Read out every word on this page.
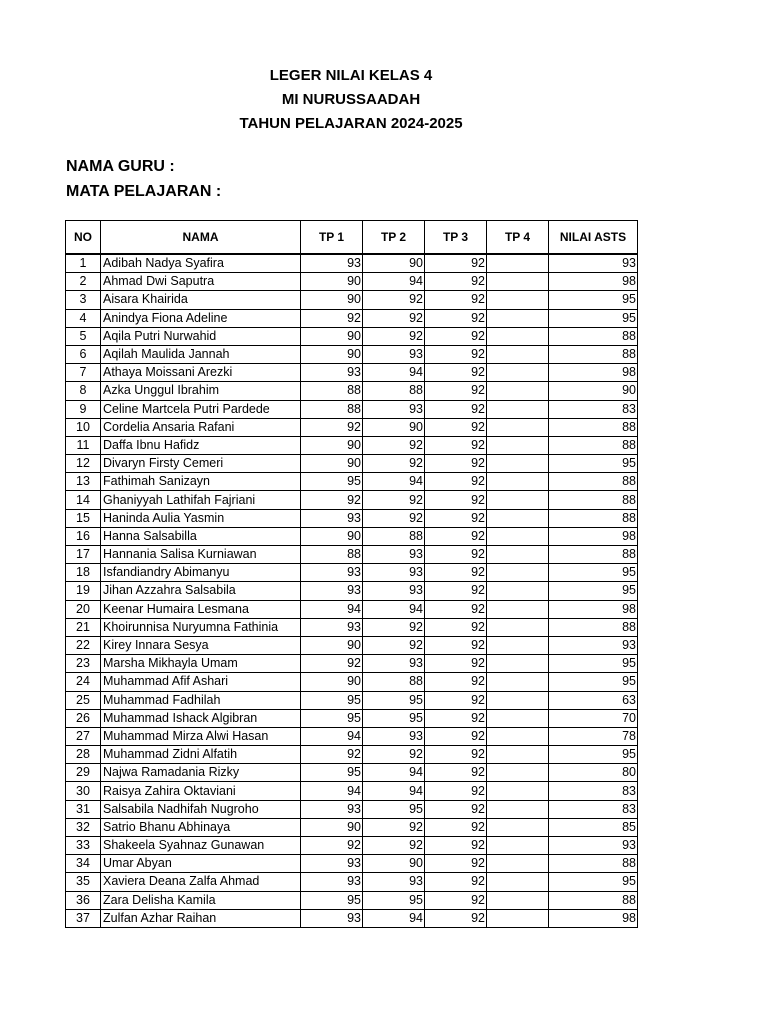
LEGER NILAI KELAS 4
MI NURUSSAADAH
TAHUN PELAJARAN 2024-2025
NAMA GURU :
MATA PELAJARAN :
NO	NAMA	TP 1	TP 2	TP 3	TP 4	NILAI ASTS
1	Adibah Nadya Syafira	93	90	92		93
2	Ahmad Dwi Saputra	90	94	92		98
3	Aisara Khairida	90	92	92		95
4	Anindya Fiona Adeline	92	92	92		95
5	Aqila Putri Nurwahid	90	92	92		88
6	Aqilah Maulida Jannah	90	93	92		88
7	Athaya Moissani Arezki	93	94	92		98
8	Azka Unggul Ibrahim	88	88	92		90
9	Celine Martcela Putri Pardede	88	93	92		83
10	Cordelia Ansaria Rafani	92	90	92		88
11	Daffa Ibnu Hafidz	90	92	92		88
12	Divaryn Firsty Cemeri	90	92	92		95
13	Fathimah Sanizayn	95	94	92		88
14	Ghaniyyah Lathifah Fajriani	92	92	92		88
15	Haninda Aulia Yasmin	93	92	92		88
16	Hanna Salsabilla	90	88	92		98
17	Hannania Salisa Kurniawan	88	93	92		88
18	Isfandiandry Abimanyu	93	93	92		95
19	Jihan Azzahra Salsabila	93	93	92		95
20	Keenar Humaira Lesmana	94	94	92		98
21	Khoirunnisa Nuryumna Fathinia	93	92	92		88
22	Kirey Innara Sesya	90	92	92		93
23	Marsha Mikhayla Umam	92	93	92		95
24	Muhammad Afif Ashari	90	88	92		95
25	Muhammad Fadhilah	95	95	92		63
26	Muhammad Ishack Algibran	95	95	92		70
27	Muhammad Mirza Alwi Hasan	94	93	92		78
28	Muhammad Zidni Alfatih	92	92	92		95
29	Najwa Ramadania Rizky	95	94	92		80
30	Raisya Zahira Oktaviani	94	94	92		83
31	Salsabila Nadhifah Nugroho	93	95	92		83
32	Satrio Bhanu Abhinaya	90	92	92		85
33	Shakeela Syahnaz Gunawan	92	92	92		93
34	Umar Abyan	93	90	92		88
35	Xaviera Deana Zalfa Ahmad	93	93	92		95
36	Zara Delisha Kamila	95	95	92		88
37	Zulfan Azhar Raihan	93	94	92		98
